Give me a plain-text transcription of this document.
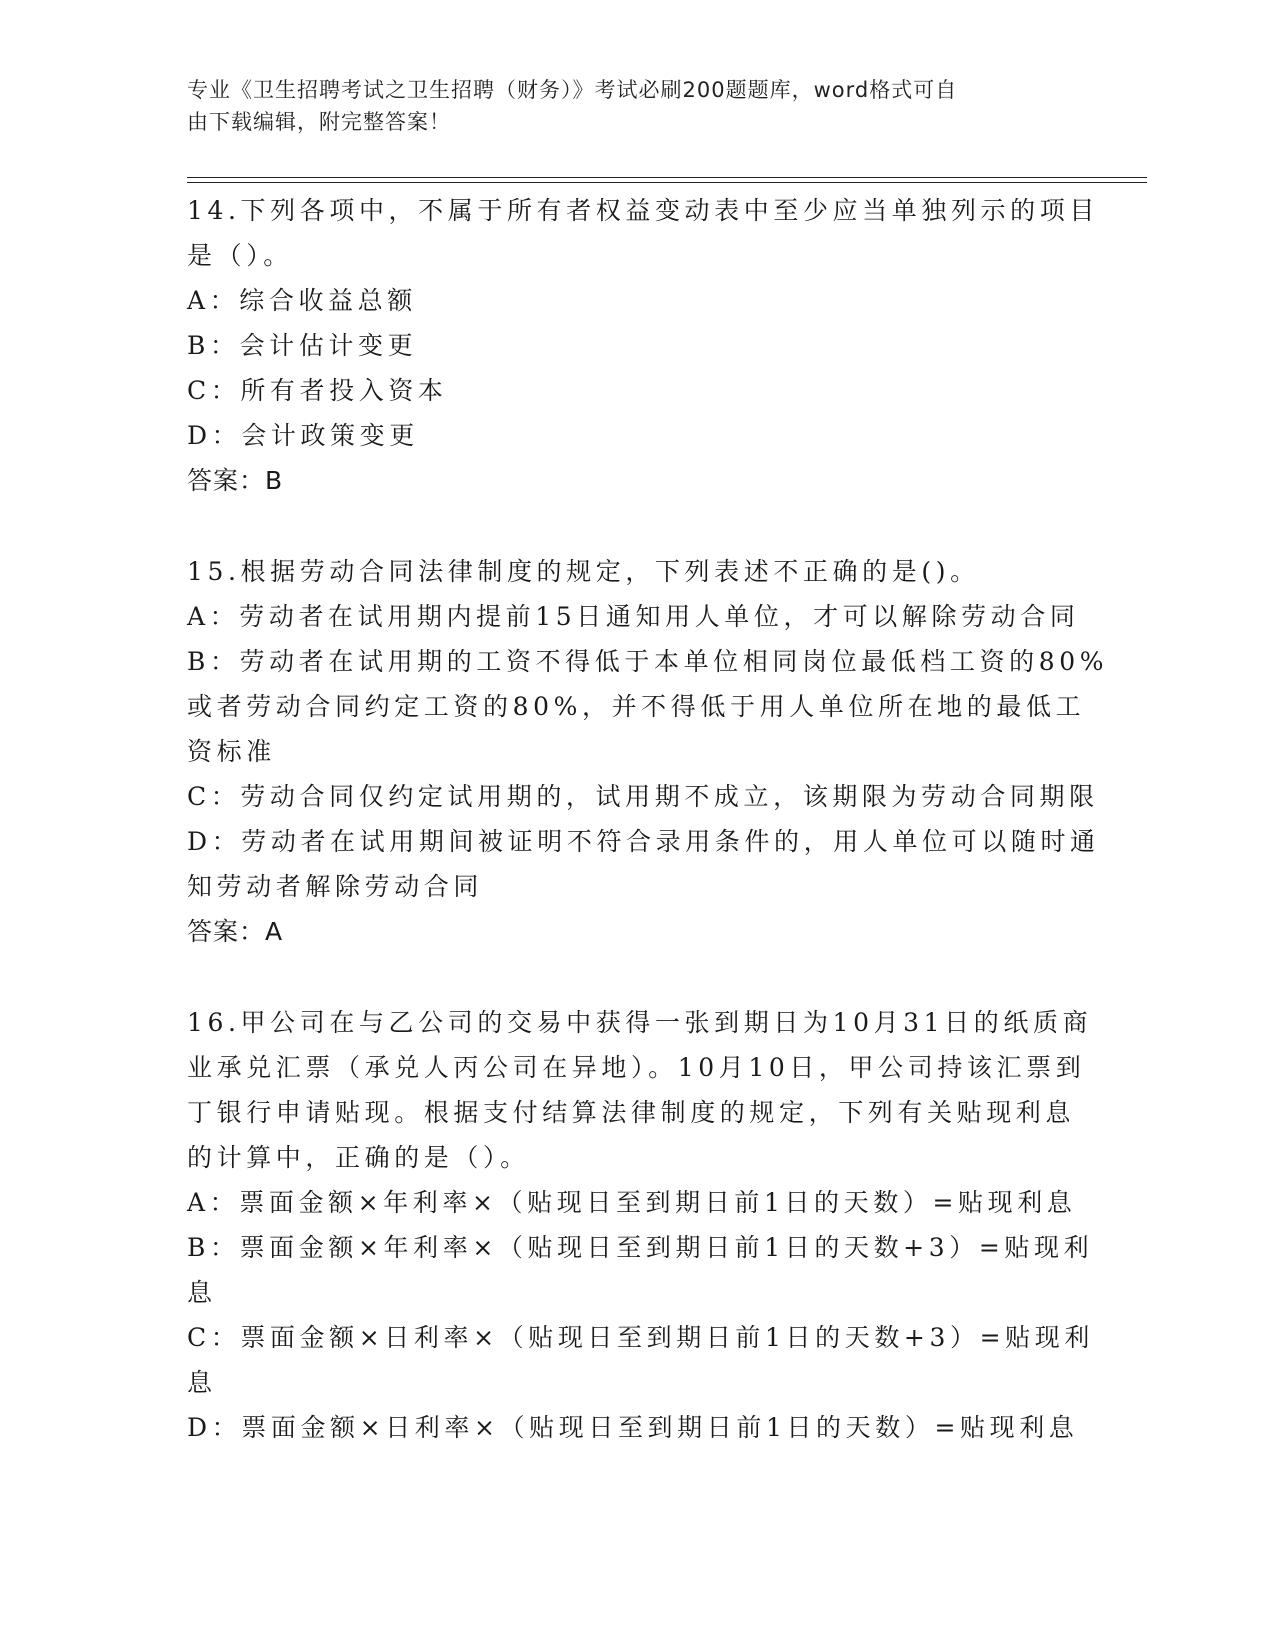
专业《卫生招聘考试之卫生招聘（财务）》考试必刷200题题库，word格式可自
由下载编辑，附完整答案！
14.下列各项中，不属于所有者权益变动表中至少应当单独列示的项目
是（）。
A：综合收益总额
B：会计估计变更
C：所有者投入资本
D：会计政策变更
答案：B
15.根据劳动合同法律制度的规定，下列表述不正确的是()。
A：劳动者在试用期内提前15日通知用人单位，才可以解除劳动合同
B：劳动者在试用期的工资不得低于本单位相同岗位最低档工资的80%
或者劳动合同约定工资的80%，并不得低于用人单位所在地的最低工
资标准
C：劳动合同仅约定试用期的，试用期不成立，该期限为劳动合同期限
D：劳动者在试用期间被证明不符合录用条件的，用人单位可以随时通
知劳动者解除劳动合同
答案：A
16.甲公司在与乙公司的交易中获得一张到期日为10月31日的纸质商
业承兑汇票（承兑人丙公司在异地）。10月10日，甲公司持该汇票到
丁银行申请贴现。根据支付结算法律制度的规定，下列有关贴现利息
的计算中，正确的是（）。
A：票面金额×年利率×（贴现日至到期日前1日的天数）=贴现利息
B：票面金额×年利率×（贴现日至到期日前1日的天数+3）=贴现利
息
C：票面金额×日利率×（贴现日至到期日前1日的天数+3）=贴现利
息
D：票面金额×日利率×（贴现日至到期日前1日的天数）=贴现利息
